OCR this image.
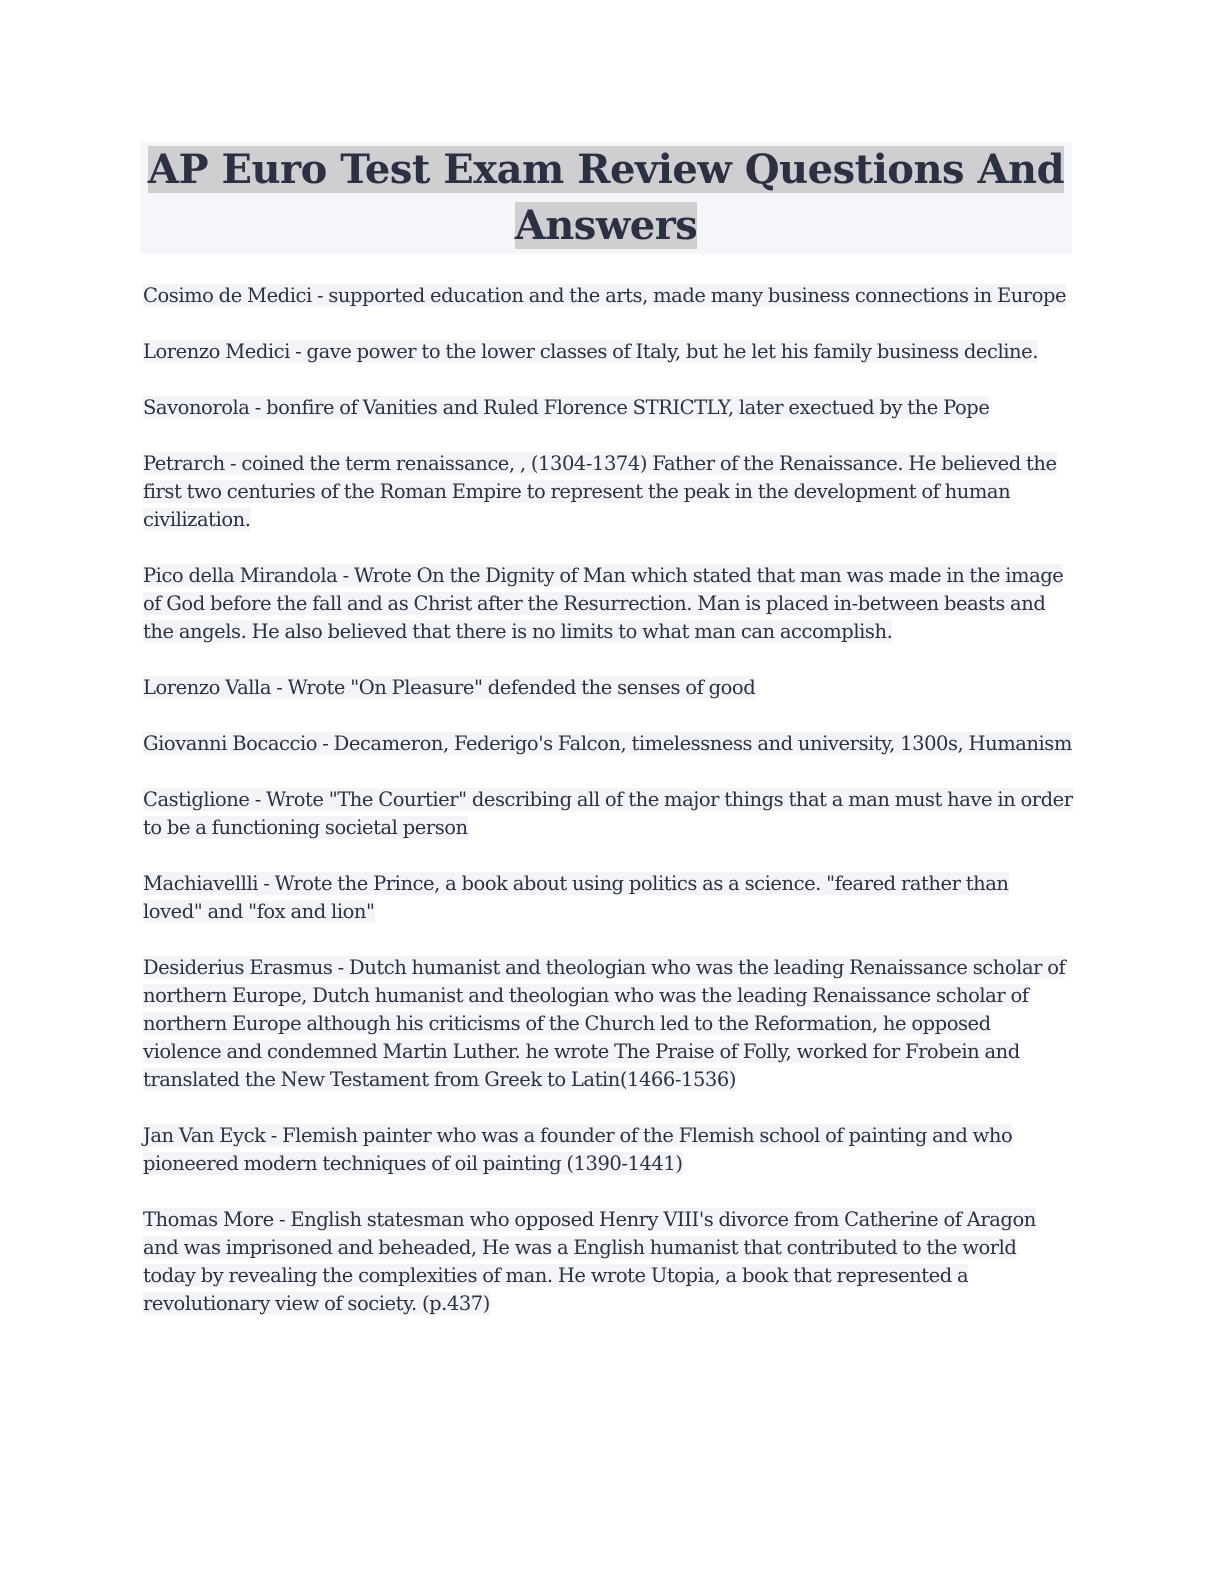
AP Euro Test Exam Review Questions And
Answers

Cosimo de Medici - supported education and the arts, made many business connections in Europe

Lorenzo Medici - gave power to the lower classes of Italy, but he let his family business decline.

Savonorola - bonfire of Vanities and Ruled Florence STRICTLY, later exectued by the Pope

Petrarch - coined the term renaissance, , (1304-1374) Father of the Renaissance. He believed the first two centuries of the Roman Empire to represent the peak in the development of human civilization.

Pico della Mirandola - Wrote On the Dignity of Man which stated that man was made in the image of God before the fall and as Christ after the Resurrection. Man is placed in-between beasts and the angels. He also believed that there is no limits to what man can accomplish.

Lorenzo Valla - Wrote "On Pleasure" defended the senses of good

Giovanni Bocaccio - Decameron, Federigo's Falcon, timelessness and university, 1300s, Humanism

Castiglione - Wrote "The Courtier" describing all of the major things that a man must have in order to be a functioning societal person

Machiavellli - Wrote the Prince, a book about using politics as a science. "feared rather than loved" and "fox and lion"

Desiderius Erasmus - Dutch humanist and theologian who was the leading Renaissance scholar of northern Europe, Dutch humanist and theologian who was the leading Renaissance scholar of northern Europe although his criticisms of the Church led to the Reformation, he opposed violence and condemned Martin Luther. he wrote The Praise of Folly, worked for Frobein and translated the New Testament from Greek to Latin(1466-1536)

Jan Van Eyck - Flemish painter who was a founder of the Flemish school of painting and who pioneered modern techniques of oil painting (1390-1441)

Thomas More - English statesman who opposed Henry VIII's divorce from Catherine of Aragon and was imprisoned and beheaded, He was a English humanist that contributed to the world today by revealing the complexities of man. He wrote Utopia, a book that represented a revolutionary view of society. (p.437)
